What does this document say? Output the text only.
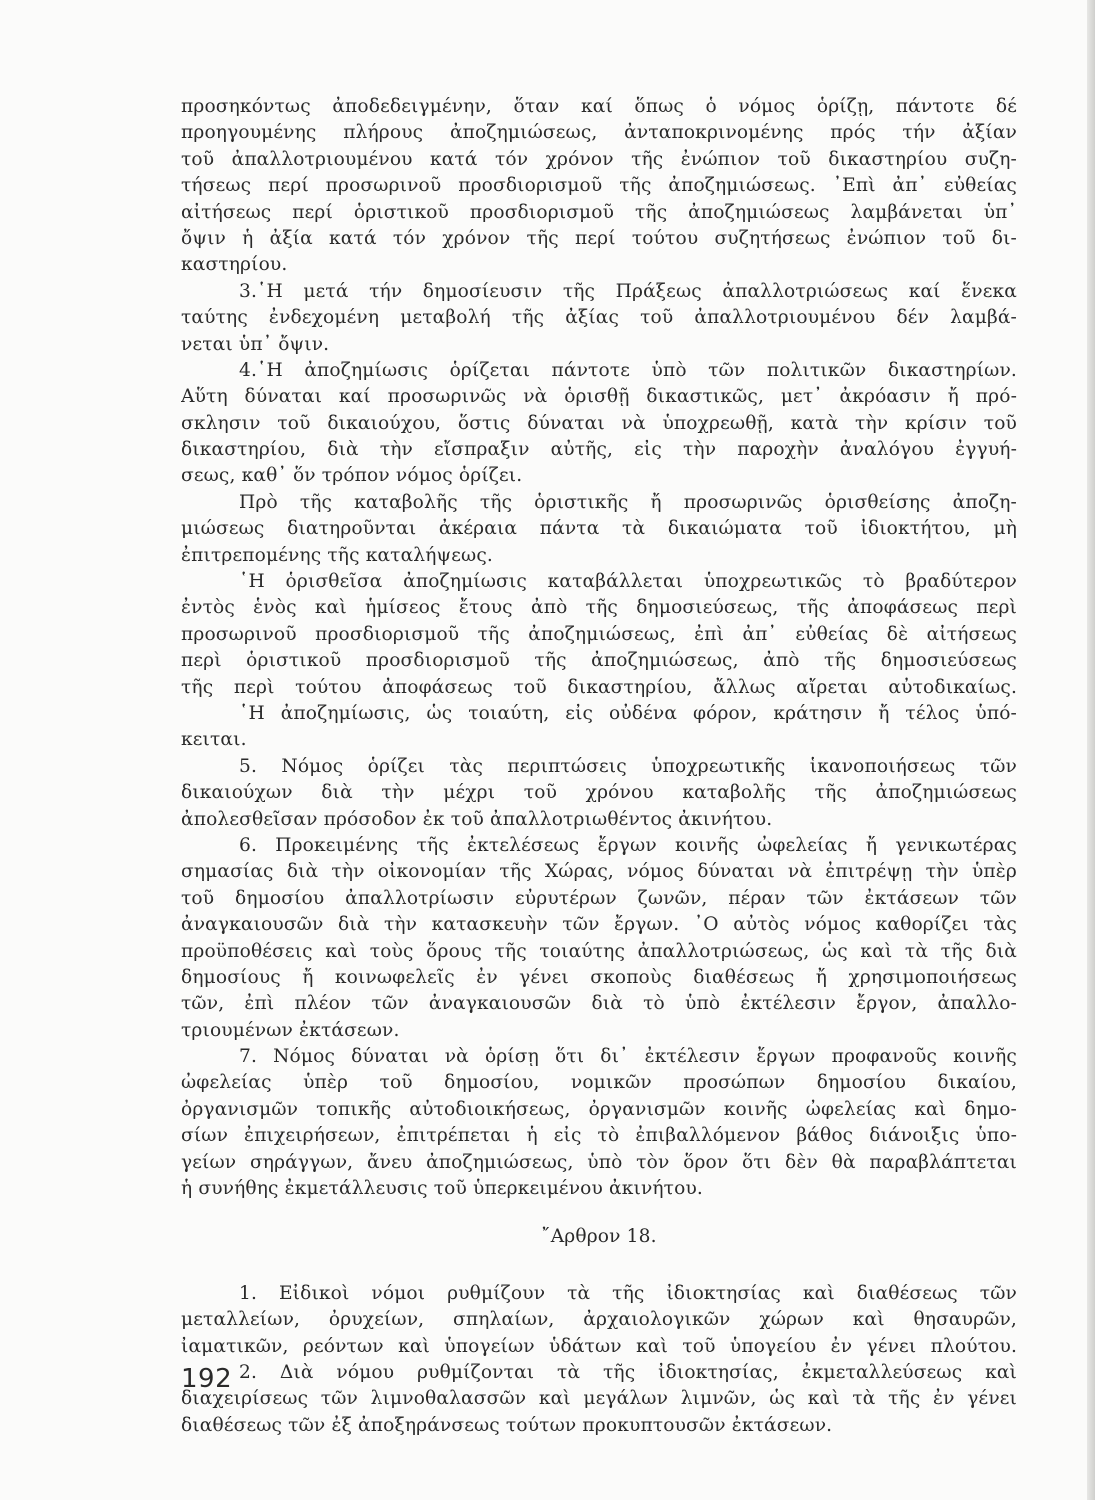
προσηκόντως ἀποδεδειγμένην, ὅταν καί ὅπως ὁ νόμος ὁρίζῃ, πάντοτε δέ
προηγουμένης πλήρους ἀποζημιώσεως, ἀνταποκρινομένης πρός τήν ἀξίαν
τοῦ ἀπαλλοτριουμένου κατά τόν χρόνον τῆς ἐνώπιον τοῦ δικαστηρίου συζη-
τήσεως περί προσωρινοῦ προσδιορισμοῦ τῆς ἀποζημιώσεως. ᾿Επὶ ἀπ᾿ εὐθείας
αἰτήσεως περί ὁριστικοῦ προσδιορισμοῦ τῆς ἀποζημιώσεως λαμβάνεται ὑπ᾿
ὄψιν ἡ ἀξία κατά τόν χρόνον τῆς περί τούτου συζητήσεως ἐνώπιον τοῦ δι-
καστηρίου.
3.῾Η μετά τήν δημοσίευσιν τῆς Πράξεως ἀπαλλοτριώσεως καί ἕνεκα
ταύτης ἐνδεχομένη μεταβολή τῆς ἀξίας τοῦ ἀπαλλοτριουμένου δέν λαμβά-
νεται ὑπ᾿ ὄψιν.
4.῾Η ἀποζημίωσις ὁρίζεται πάντοτε ὑπὸ τῶν πολιτικῶν δικαστηρίων.
Αὕτη δύναται καί προσωρινῶς νὰ ὁρισθῇ δικαστικῶς, μετ᾿ ἀκρόασιν ἤ πρό-
σκλησιν τοῦ δικαιούχου, ὅστις δύναται νὰ ὑποχρεωθῇ, κατὰ τὴν κρίσιν τοῦ
δικαστηρίου, διὰ τὴν εἴσπραξιν αὐτῆς, εἰς τὴν παροχὴν ἀναλόγου ἐγγυή-
σεως, καθ᾿ ὅν τρόπον νόμος ὁρίζει.
Πρὸ τῆς καταβολῆς τῆς ὁριστικῆς ἤ προσωρινῶς ὁρισθείσης ἀποζη-
μιώσεως διατηροῦνται ἀκέραια πάντα τὰ δικαιώματα τοῦ ἰδιοκτήτου, μὴ
ἐπιτρεπομένης τῆς καταλήψεως.
῾Η ὁρισθεῖσα ἀποζημίωσις καταβάλλεται ὑποχρεωτικῶς τὸ βραδύτερον
ἐντὸς ἑνὸς καὶ ἡμίσεος ἔτους ἀπὸ τῆς δημοσιεύσεως, τῆς ἀποφάσεως περὶ
προσωρινοῦ προσδιορισμοῦ τῆς ἀποζημιώσεως, ἐπὶ ἀπ᾿ εὐθείας δὲ αἰτήσεως
περὶ ὁριστικοῦ προσδιορισμοῦ τῆς ἀποζημιώσεως, ἀπὸ τῆς δημοσιεύσεως
τῆς περὶ τούτου ἀποφάσεως τοῦ δικαστηρίου, ἄλλως αἴρεται αὐτοδικαίως.
῾Η ἀποζημίωσις, ὡς τοιαύτη, εἰς οὐδένα φόρον, κράτησιν ἤ τέλος ὑπό-
κειται.
5. Νόμος ὁρίζει τὰς περιπτώσεις ὑποχρεωτικῆς ἱκανοποιήσεως τῶν
δικαιούχων διὰ τὴν μέχρι τοῦ χρόνου καταβολῆς τῆς ἀποζημιώσεως
ἀπολεσθεῖσαν πρόσοδον ἐκ τοῦ ἀπαλλοτριωθέντος ἀκινήτου.
6. Προκειμένης τῆς ἐκτελέσεως ἔργων κοινῆς ὠφελείας ἤ γενικωτέρας
σημασίας διὰ τὴν οἰκονομίαν τῆς Χώρας, νόμος δύναται νὰ ἐπιτρέψῃ τὴν ὑπὲρ
τοῦ δημοσίου ἀπαλλοτρίωσιν εὐρυτέρων ζωνῶν, πέραν τῶν ἐκτάσεων τῶν
ἀναγκαιουσῶν διὰ τὴν κατασκευὴν τῶν ἔργων. ᾿Ο αὐτὸς νόμος καθορίζει τὰς
προϋποθέσεις καὶ τοὺς ὅρους τῆς τοιαύτης ἀπαλλοτριώσεως, ὡς καὶ τὰ τῆς διὰ
δημοσίους ἤ κοινωφελεῖς ἐν γένει σκοποὺς διαθέσεως ἤ χρησιμοποιήσεως
τῶν, ἐπὶ πλέον τῶν ἀναγκαιουσῶν διὰ τὸ ὑπὸ ἐκτέλεσιν ἔργον, ἀπαλλο-
τριουμένων ἐκτάσεων.
7. Νόμος δύναται νὰ ὁρίσῃ ὅτι δι᾿ ἐκτέλεσιν ἔργων προφανοῦς κοινῆς
ὠφελείας ὑπὲρ τοῦ δημοσίου, νομικῶν προσώπων δημοσίου δικαίου,
ὀργανισμῶν τοπικῆς αὐτοδιοικήσεως, ὀργανισμῶν κοινῆς ὠφελείας καὶ δημο-
σίων ἐπιχειρήσεων, ἐπιτρέπεται ἡ εἰς τὸ ἐπιβαλλόμενον βάθος διάνοιξις ὑπο-
γείων σηράγγων, ἄνευ ἀποζημιώσεως, ὑπὸ τὸν ὅρον ὅτι δὲν θὰ παραβλάπτεται
ἡ συνήθης ἐκμετάλλευσις τοῦ ὑπερκειμένου ἀκινήτου.
῎Αρθρον 18.
1. Εἰδικοὶ νόμοι ρυθμίζουν τὰ τῆς ἰδιοκτησίας καὶ διαθέσεως τῶν
μεταλλείων, ὀρυχείων, σπηλαίων, ἀρχαιολογικῶν χώρων καὶ θησαυρῶν,
ἰαματικῶν, ρεόντων καὶ ὑπογείων ὑδάτων καὶ τοῦ ὑπογείου ἐν γένει πλούτου.
2. Διὰ νόμου ρυθμίζονται τὰ τῆς ἰδιοκτησίας, ἐκμεταλλεύσεως καὶ
διαχειρίσεως τῶν λιμνοθαλασσῶν καὶ μεγάλων λιμνῶν, ὡς καὶ τὰ τῆς ἐν γένει
διαθέσεως τῶν ἐξ ἀποξηράνσεως τούτων προκυπτουσῶν ἐκτάσεων.
192
